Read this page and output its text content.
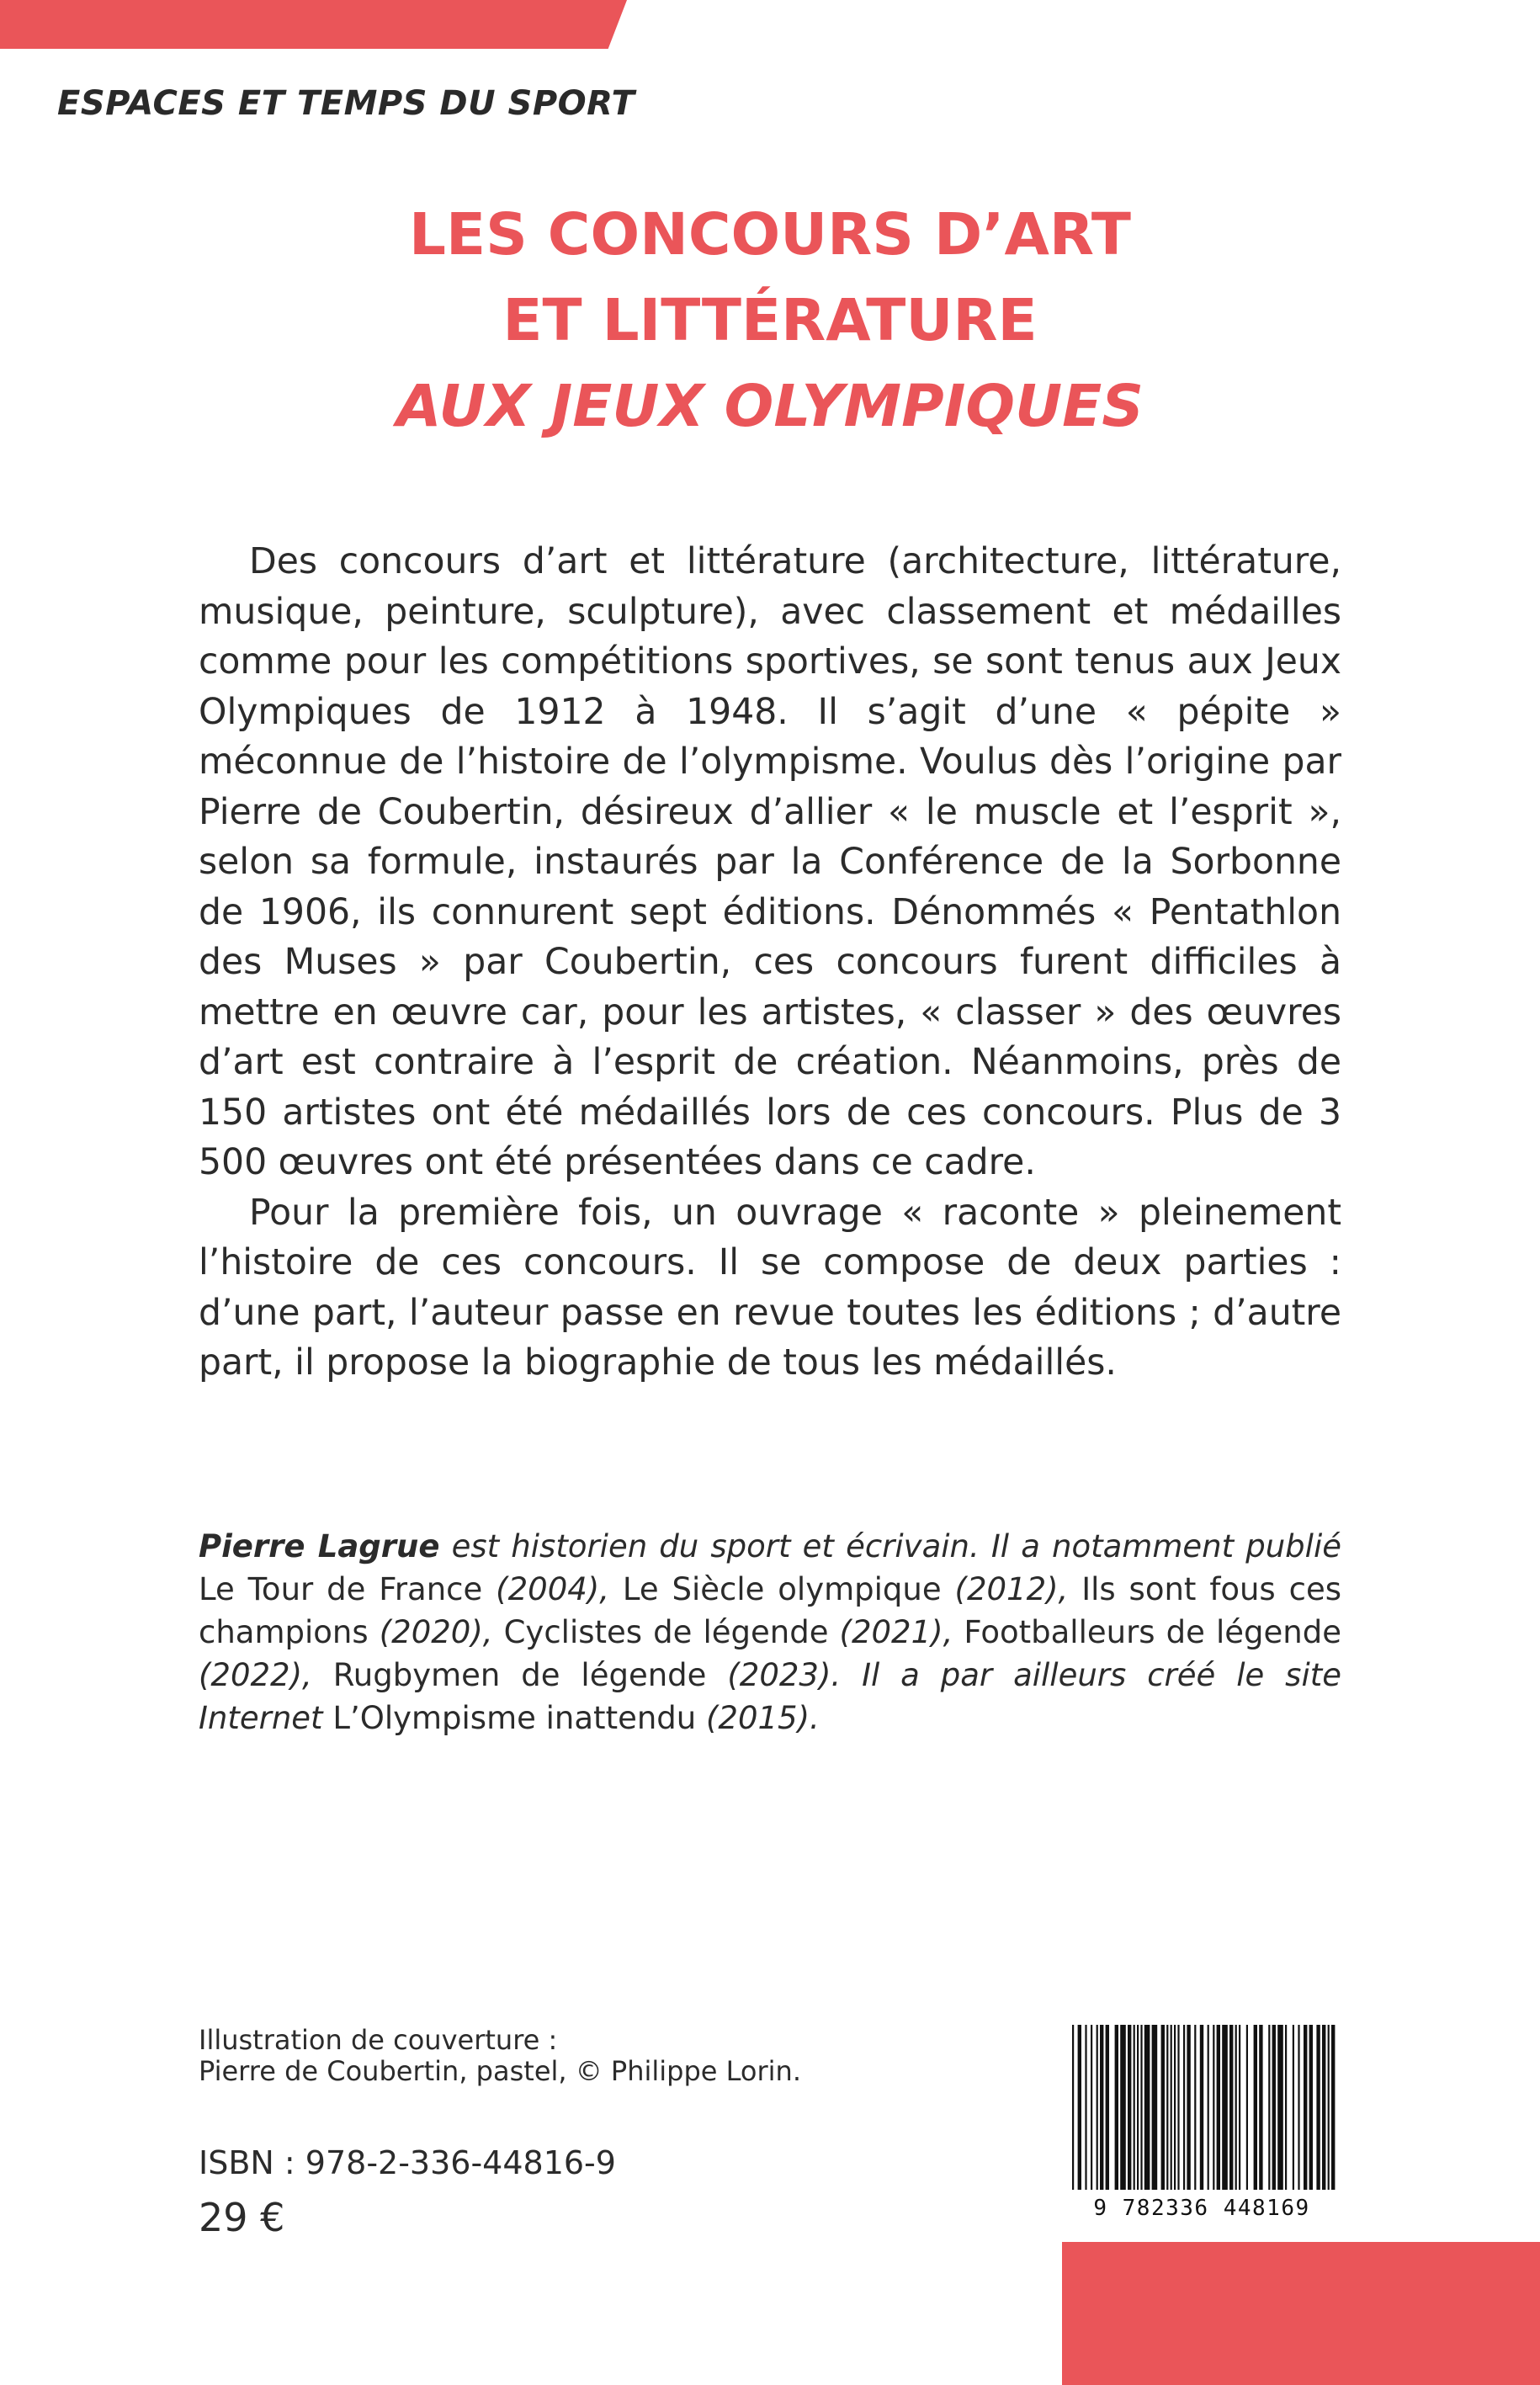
ESPACES ET TEMPS DU SPORT
LES CONCOURS D’ART
ET LITTÉRATURE
AUX JEUX OLYMPIQUES

Des concours d’art et littérature (architecture, littérature, musique, peinture, sculpture), avec classement et médailles comme pour les compétitions sportives, se sont tenus aux Jeux Olympiques de 1912 à 1948. Il s’agit d’une « pépite » méconnue de l’histoire de l’olympisme. Voulus dès l’origine par Pierre de Coubertin, désireux d’allier « le muscle et l’esprit », selon sa formule, instaurés par la Conférence de la Sorbonne de 1906, ils connurent sept éditions. Dénommés « Pentathlon des Muses » par Coubertin, ces concours furent difficiles à mettre en œuvre car, pour les artistes, « classer » des œuvres d’art est contraire à l’esprit de création. Néanmoins, près de 150 artistes ont été médaillés lors de ces concours. Plus de 3 500 œuvres ont été présentées dans ce cadre.

Pour la première fois, un ouvrage « raconte » pleinement l’histoire de ces concours. Il se compose de deux parties : d’une part, l’auteur passe en revue toutes les éditions ; d’autre part, il propose la biographie de tous les médaillés.

Pierre Lagrue est historien du sport et écrivain. Il a notamment publié Le Tour de France (2004), Le Siècle olympique (2012), Ils sont fous ces champions (2020), Cyclistes de légende (2021), Footballeurs de légende (2022), Rugbymen de légende (2023). Il a par ailleurs créé le site Internet L’Olympisme inattendu (2015).
Illustration de couverture :
Pierre de Coubertin, pastel, © Philippe Lorin.
ISBN : 978-2-336-44816-9
29 €	9 782336 448169
